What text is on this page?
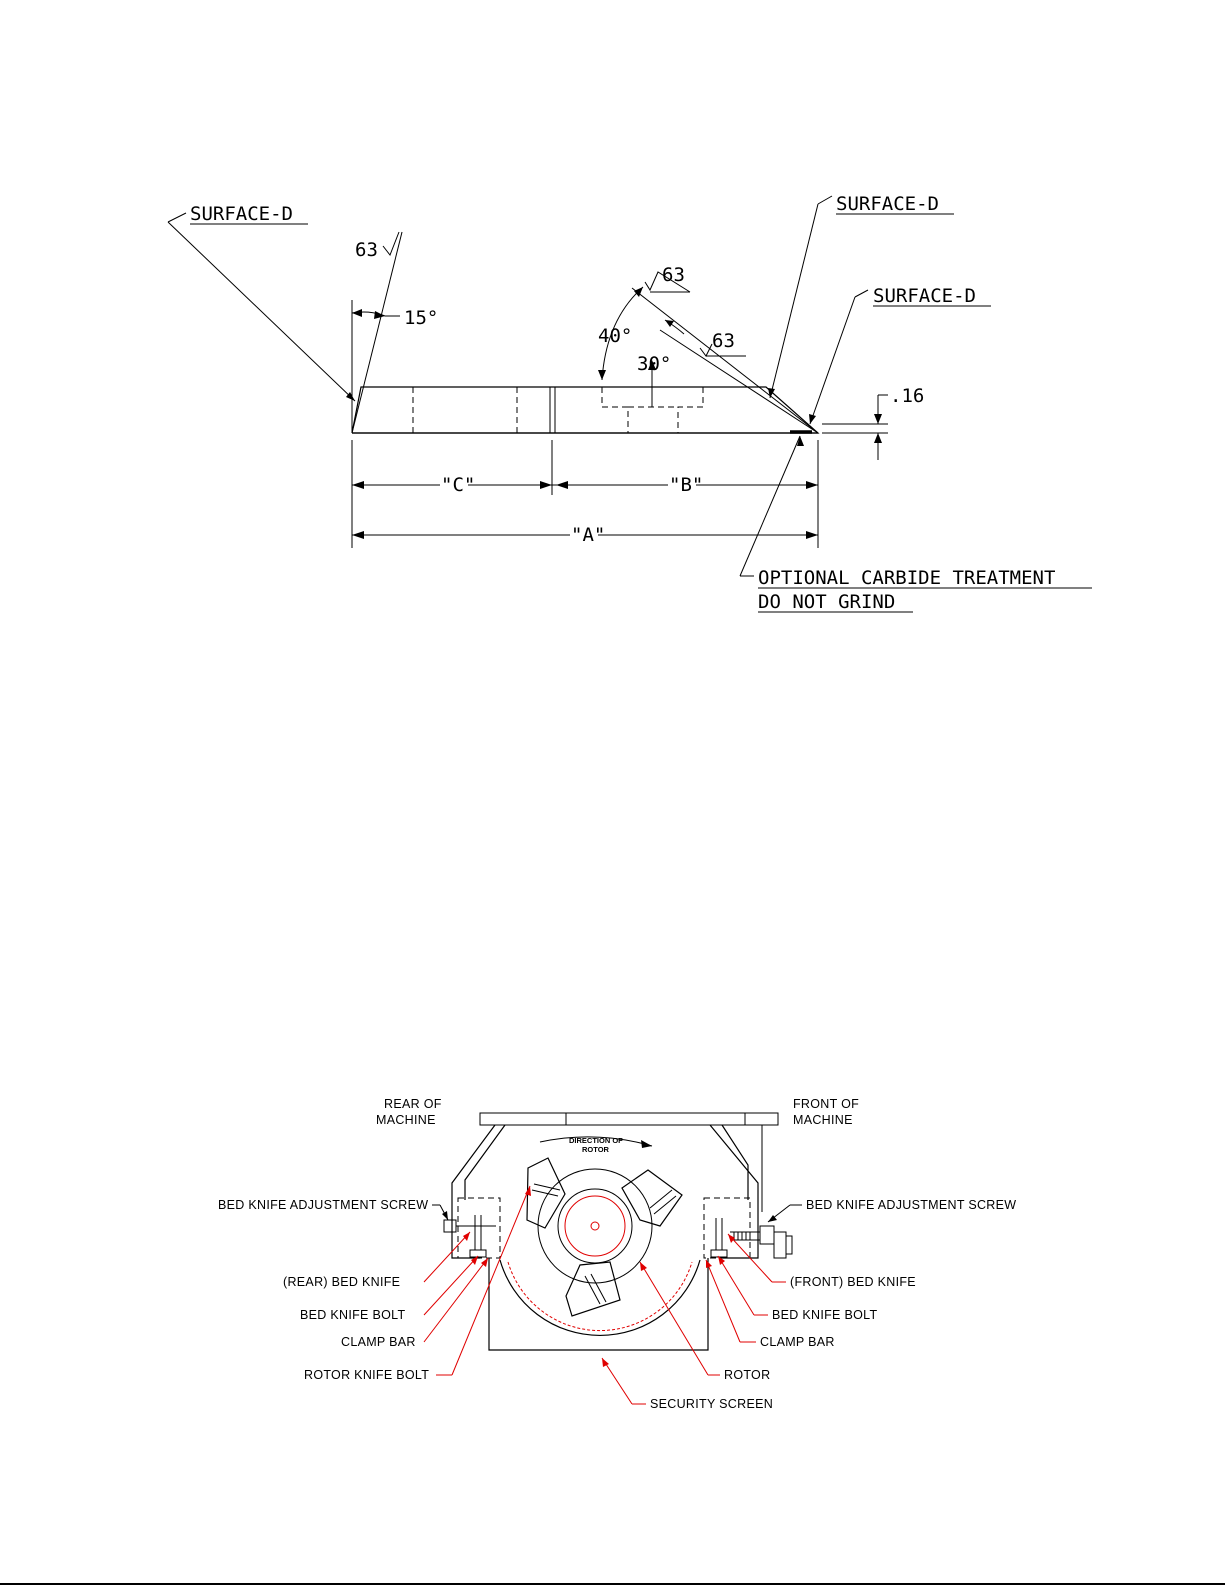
15°
63
SURFACE-D
40°
30°
63
63
SURFACE-D
SURFACE-D
.16
"C"	"B"
"A"
OPTIONAL CARBIDE TREATMENT
DO NOT GRIND
REAR OF
MACHINE
FRONT OF
MACHINE
DIRECTION OF
ROTOR
BED KNIFE ADJUSTMENT SCREW
(REAR) BED KNIFE
BED KNIFE BOLT
CLAMP BAR
ROTOR KNIFE BOLT
BED KNIFE ADJUSTMENT SCREW
(FRONT) BED KNIFE
BED KNIFE BOLT
CLAMP BAR
ROTOR
SECURITY SCREEN
